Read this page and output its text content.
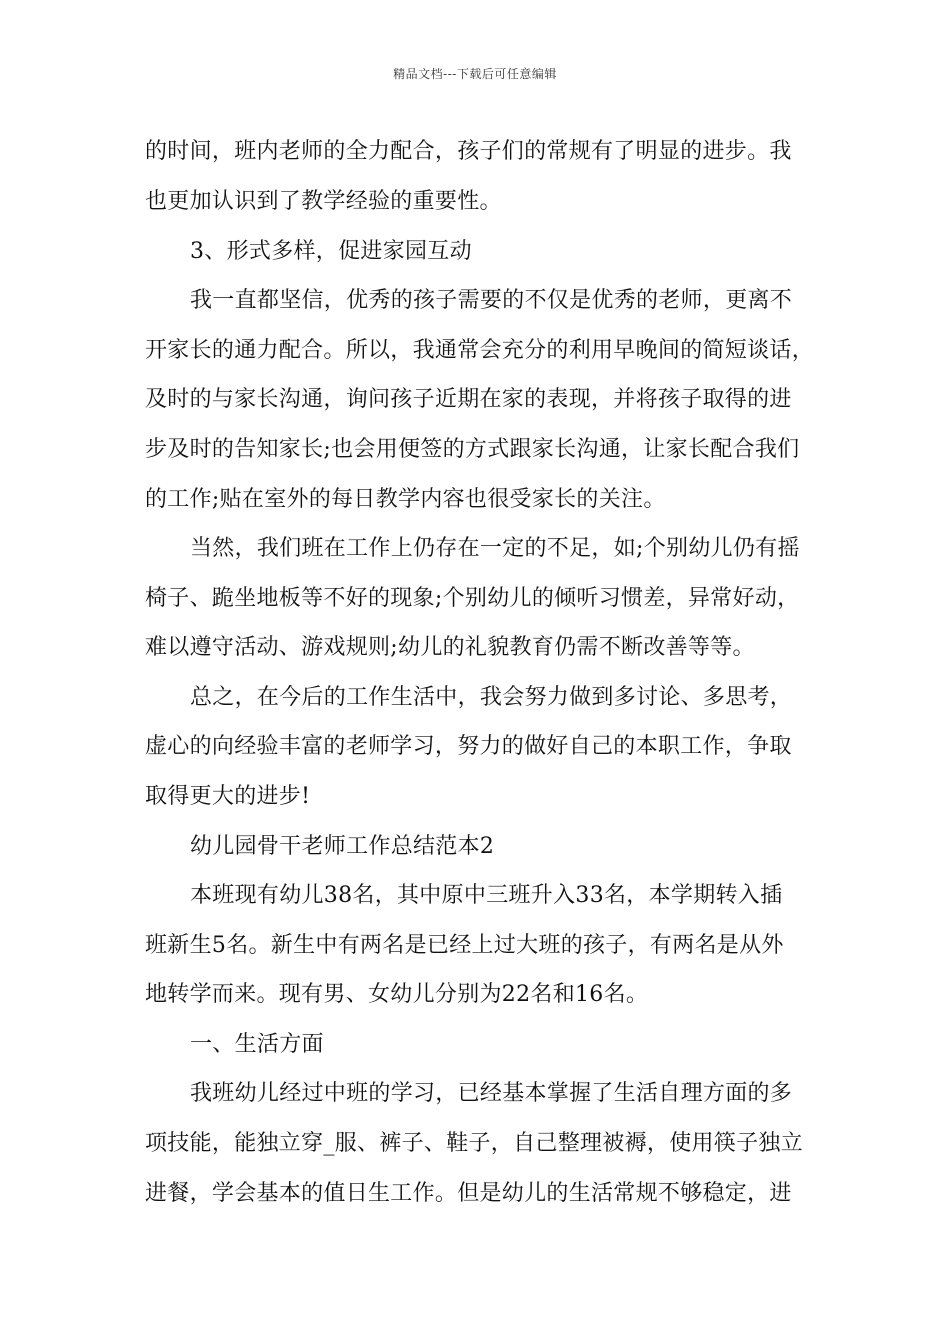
精品文档---下载后可任意编辑
的时间，班内老师的全力配合，孩子们的常规有了明显的进步。我
也更加认识到了教学经验的重要性。
3、形式多样，促进家园互动
我一直都坚信，优秀的孩子需要的不仅是优秀的老师，更离不
开家长的通力配合。所以，我通常会充分的利用早晚间的简短谈话，
及时的与家长沟通，询问孩子近期在家的表现，并将孩子取得的进
步及时的告知家长;也会用便签的方式跟家长沟通，让家长配合我们
的工作;贴在室外的每日教学内容也很受家长的关注。
当然，我们班在工作上仍存在一定的不足，如;个别幼儿仍有摇
椅子、跪坐地板等不好的现象;个别幼儿的倾听习惯差，异常好动，
难以遵守活动、游戏规则;幼儿的礼貌教育仍需不断改善等等。
总之，在今后的工作生活中，我会努力做到多讨论、多思考，
虚心的向经验丰富的老师学习，努力的做好自己的本职工作，争取
取得更大的进步!
幼儿园骨干老师工作总结范本2
本班现有幼儿38名，其中原中三班升入33名，本学期转入插
班新生5名。新生中有两名是已经上过大班的孩子，有两名是从外
地转学而来。现有男、女幼儿分别为22名和16名。
一、生活方面
我班幼儿经过中班的学习，已经基本掌握了生活自理方面的多
项技能，能独立穿_服、裤子、鞋子，自己整理被褥，使用筷子独立
进餐，学会基本的值日生工作。但是幼儿的生活常规不够稳定，进
